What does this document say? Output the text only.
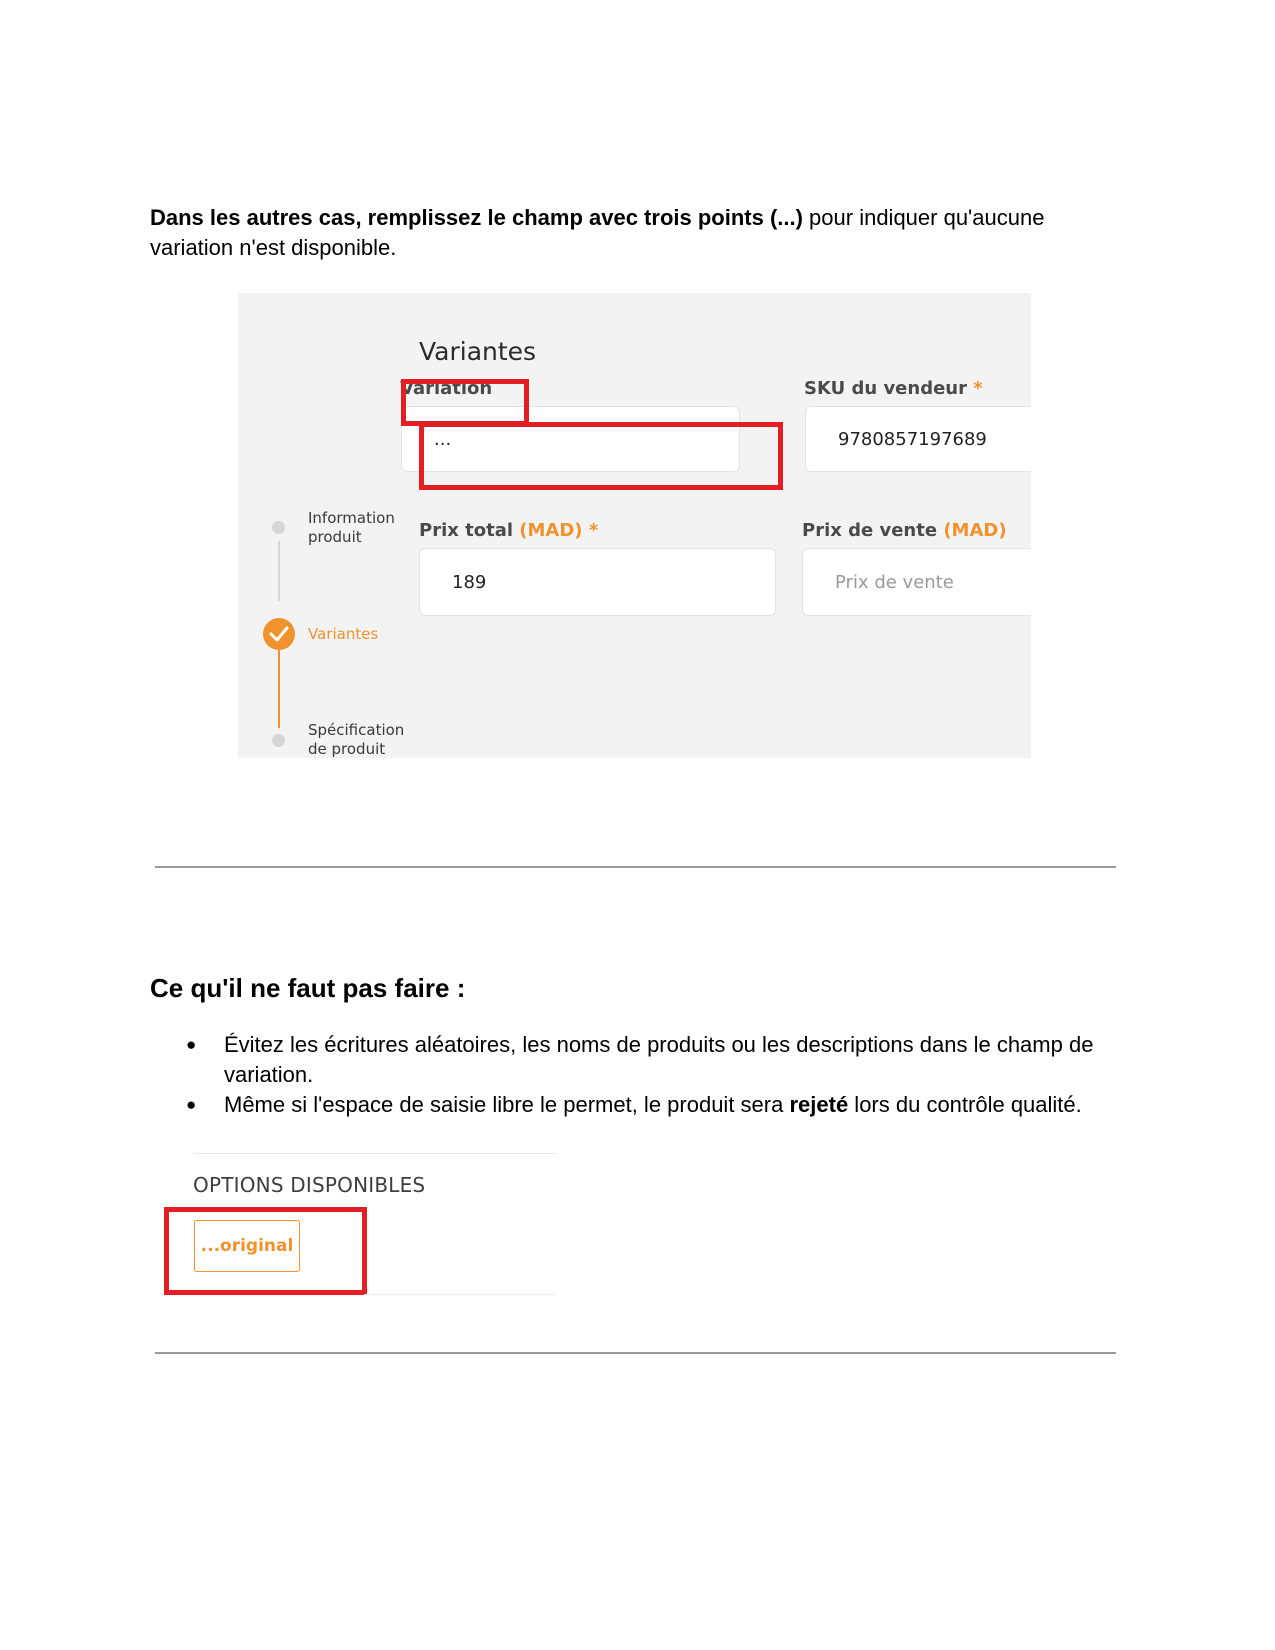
Dans les autres cas, remplissez le champ avec trois points (...) pour indiquer qu'aucune variation n'est disponible.

Variantes
Variation
...
SKU du vendeur *
9780857197689
Prix total (MAD) *
189
Prix de vente (MAD)
Prix de vente
Information produit
Variantes
Spécification de produit
Ce qu'il ne faut pas faire :
● Évitez les écritures aléatoires, les noms de produits ou les descriptions dans le champ de variation.
● Même si l'espace de saisie libre le permet, le produit sera rejeté lors du contrôle qualité.
OPTIONS DISPONIBLES
...original
